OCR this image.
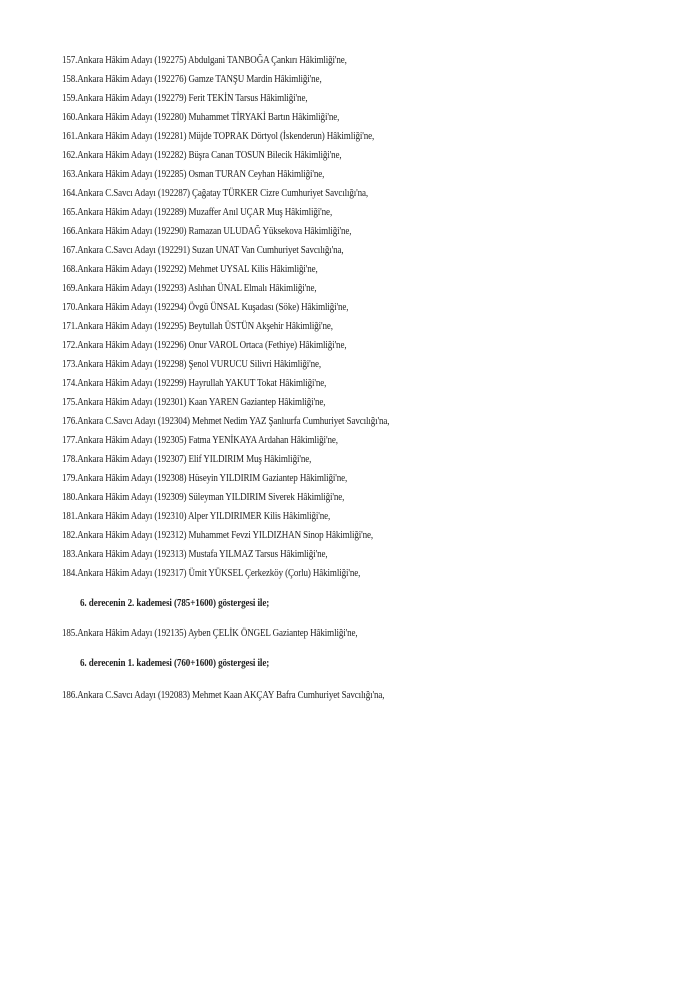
157.Ankara Hâkim Adayı (192275) Abdulgani TANBOĞA Çankırı Hâkimliği'ne,
158.Ankara Hâkim Adayı (192276) Gamze TANŞU Mardin Hâkimliği'ne,
159.Ankara Hâkim Adayı (192279) Ferit TEKİN Tarsus Hâkimliği'ne,
160.Ankara Hâkim Adayı (192280) Muhammet TİRYAKİ Bartın Hâkimliği'ne,
161.Ankara Hâkim Adayı (192281) Müjde TOPRAK Dörtyol (İskenderun) Hâkimliği'ne,
162.Ankara Hâkim Adayı (192282) Büşra Canan TOSUN Bilecik Hâkimliği'ne,
163.Ankara Hâkim Adayı (192285) Osman TURAN Ceyhan Hâkimliği'ne,
164.Ankara C.Savcı Adayı (192287) Çağatay TÜRKER Cizre Cumhuriyet Savcılığı'na,
165.Ankara Hâkim Adayı (192289) Muzaffer Anıl UÇAR Muş Hâkimliği'ne,
166.Ankara Hâkim Adayı (192290) Ramazan ULUDAĞ Yüksekova Hâkimliği'ne,
167.Ankara C.Savcı Adayı (192291) Suzan UNAT Van Cumhuriyet Savcılığı'na,
168.Ankara Hâkim Adayı (192292) Mehmet UYSAL Kilis Hâkimliği'ne,
169.Ankara Hâkim Adayı (192293) Aslıhan ÜNAL Elmalı Hâkimliği'ne,
170.Ankara Hâkim Adayı (192294) Övgü ÜNSAL Kuşadası (Söke) Hâkimliği'ne,
171.Ankara Hâkim Adayı (192295) Beytullah ÜSTÜN Akşehir Hâkimliği'ne,
172.Ankara Hâkim Adayı (192296) Onur VAROL Ortaca (Fethiye) Hâkimliği'ne,
173.Ankara Hâkim Adayı (192298) Şenol VURUCU Silivri Hâkimliği'ne,
174.Ankara Hâkim Adayı (192299) Hayrullah YAKUT Tokat Hâkimliği'ne,
175.Ankara Hâkim Adayı (192301) Kaan YAREN Gaziantep Hâkimliği'ne,
176.Ankara C.Savcı Adayı (192304) Mehmet Nedim YAZ Şanlıurfa Cumhuriyet Savcılığı'na,
177.Ankara Hâkim Adayı (192305) Fatma YENİKAYA Ardahan Hâkimliği'ne,
178.Ankara Hâkim Adayı (192307) Elif YILDIRIM Muş Hâkimliği'ne,
179.Ankara Hâkim Adayı (192308) Hüseyin YILDIRIM Gaziantep Hâkimliği'ne,
180.Ankara Hâkim Adayı (192309) Süleyman YILDIRIM Siverek Hâkimliği'ne,
181.Ankara Hâkim Adayı (192310) Alper YILDIRIMER Kilis Hâkimliği'ne,
182.Ankara Hâkim Adayı (192312) Muhammet Fevzi YILDIZHAN Sinop Hâkimliği'ne,
183.Ankara Hâkim Adayı (192313) Mustafa YILMAZ Tarsus Hâkimliği'ne,
184.Ankara Hâkim Adayı (192317) Ümit YÜKSEL Çerkezköy (Çorlu) Hâkimliği'ne,
6. derecenin 2. kademesi (785+1600) göstergesi ile;
185.Ankara Hâkim Adayı (192135) Ayben ÇELİK ÖNGEL Gaziantep Hâkimliği'ne,
6. derecenin 1. kademesi (760+1600) göstergesi ile;
186.Ankara C.Savcı Adayı (192083) Mehmet Kaan AKÇAY Bafra Cumhuriyet Savcılığı'na,
